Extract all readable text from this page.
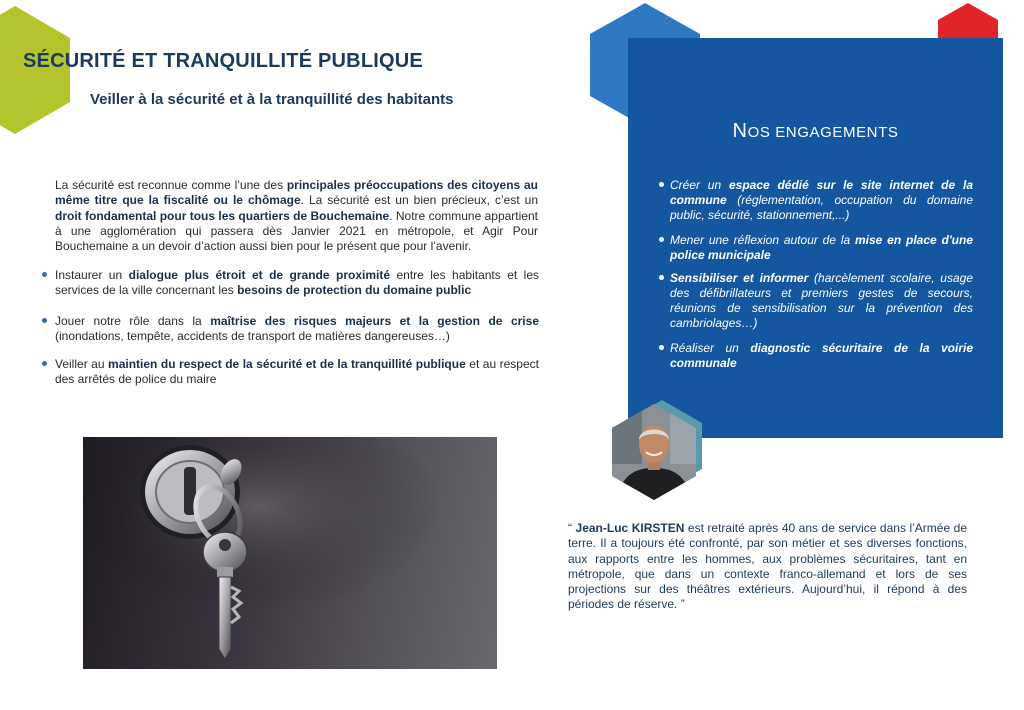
SÉCURITÉ ET TRANQUILLITÉ PUBLIQUE
Veiller à la sécurité et à la tranquillité des habitants

La sécurité est reconnue comme l’une des principales préoccupations des citoyens au même titre que la fiscalité ou le chômage. La sécurité est un bien précieux, c’est un droit fondamental pour tous les quartiers de Bouchemaine. Notre commune appartient à une agglomération qui passera dès Janvier 2021 en métropole, et Agir Pour Bouchemaine a un devoir d’action aussi bien pour le présent que pour l’avenir.

Instaurer un dialogue plus étroit et de grande proximité entre les habitants et les services de la ville concernant les besoins de protection du domaine public
Jouer notre rôle dans la maîtrise des risques majeurs et la gestion de crise (inondations, tempête, accidents de transport de matières dangereuses…)
Veiller au maintien du respect de la sécurité et de la tranquillité publique et au respect des arrêtés de police du maire
NOS ENGAGEMENTS
Créer un espace dédié sur le site internet de la commune (réglementation, occupation du domaine public, sécurité, stationnement,...)
Mener une réflexion autour de la mise en place d'une police municipale
Sensibiliser et informer (harcèlement scolaire, usage des défibrillateurs et premiers gestes de secours, réunions de sensibilisation sur la prévention des cambriolages…)
Réaliser un diagnostic sécuritaire de la voirie communale

“ Jean-Luc KIRSTEN est retraité après 40 ans de service dans l’Armée de terre. Il a toujours été confronté, par son métier et ses diverses fonctions, aux rapports entre les hommes, aux problèmes sécuritaires, tant en métropole, que dans un contexte franco-allemand et lors de ses projections sur des théâtres extérieurs. Aujourd’hui, il répond à des périodes de réserve. ”
